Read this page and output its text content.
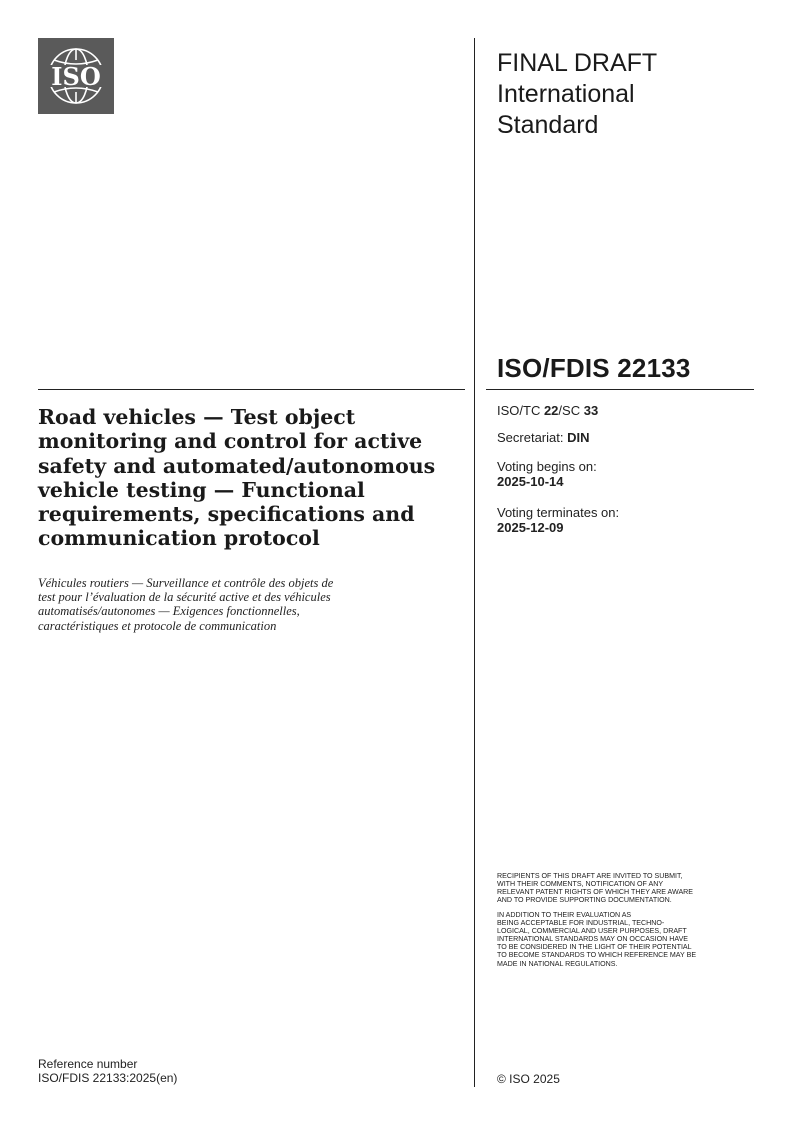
ISO	FINAL DRAFT
International
Standard
ISO/FDIS 22133
ISO/TC 22/SC 33
Secretariat: DIN
Voting begins on:
2025-10-14
Voting terminates on:
2025-12-09
Road vehicles — Test object
monitoring and control for active
safety and automated/autonomous
vehicle testing — Functional
requirements, specifications and
communication protocol
Véhicules routiers — Surveillance et contrôle des objets de
test pour l’évaluation de la sécurité active et des véhicules
automatisés/autonomes — Exigences fonctionnelles,
caractéristiques et protocole de communication
RECIPIENTS OF THIS DRAFT ARE INVITED TO SUBMIT,
WITH THEIR COMMENTS, NOTIFICATION OF ANY
RELEVANT PATENT RIGHTS OF WHICH THEY ARE AWARE
AND TO PROVIDE SUPPORTING DOCUMENTATION.
IN ADDITION TO THEIR EVALUATION AS
BEING ACCEPTABLE FOR INDUSTRIAL, TECHNO-
LOGICAL, COMMERCIAL AND USER PURPOSES, DRAFT
INTERNATIONAL STANDARDS MAY ON OCCASION HAVE
TO BE CONSIDERED IN THE LIGHT OF THEIR POTENTIAL
TO BECOME STANDARDS TO WHICH REFERENCE MAY BE
MADE IN NATIONAL REGULATIONS.
Reference number
ISO/FDIS 22133:2025(en)	© ISO 2025
